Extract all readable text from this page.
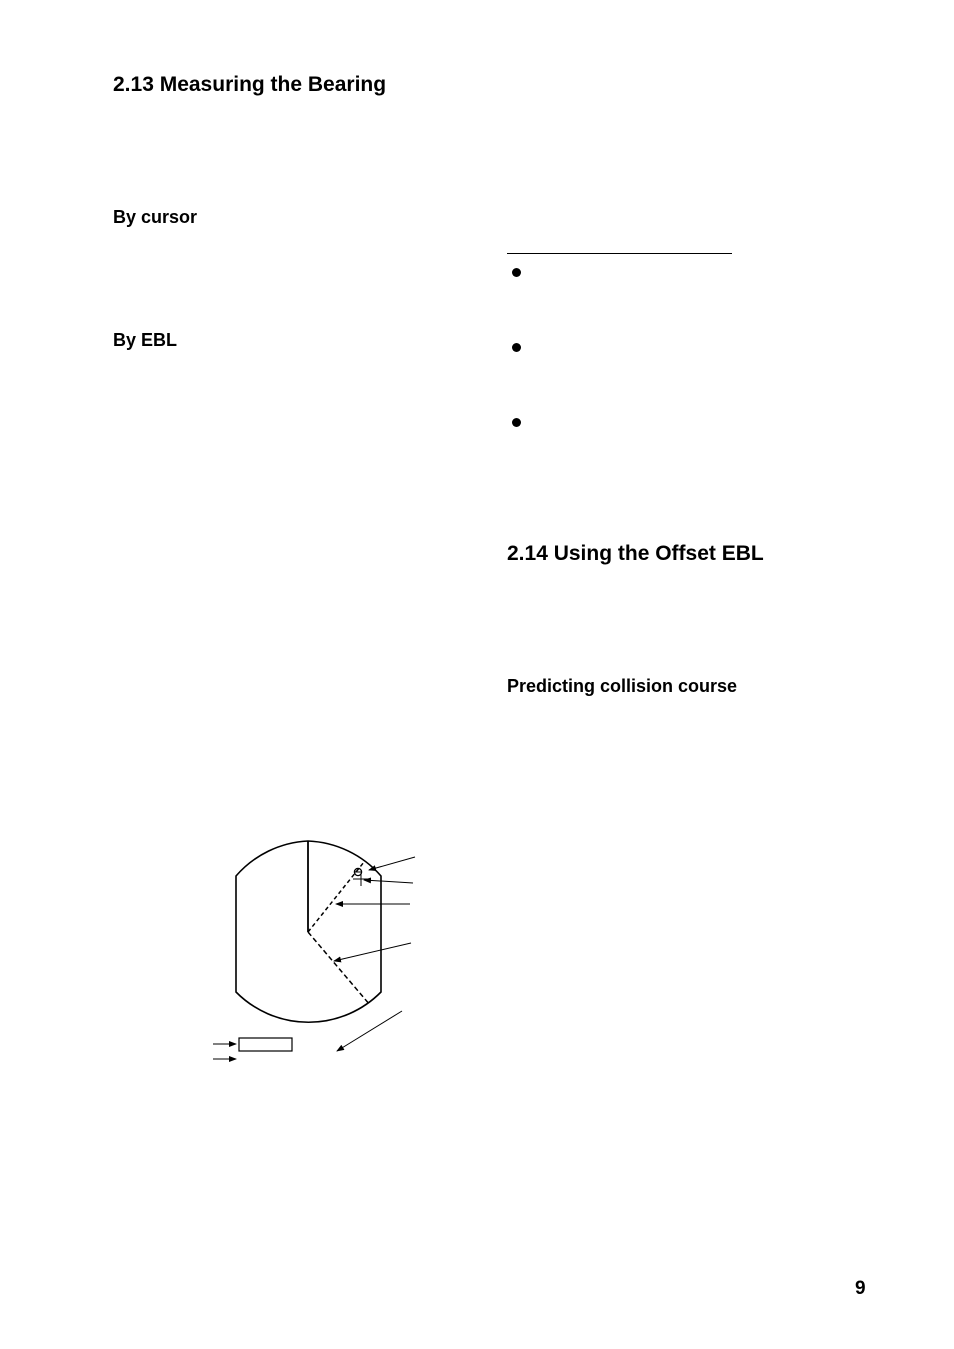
2.13 Measuring the Bearing
By cursor
By EBL
2.14 Using the Offset EBL
Predicting collision course
9
